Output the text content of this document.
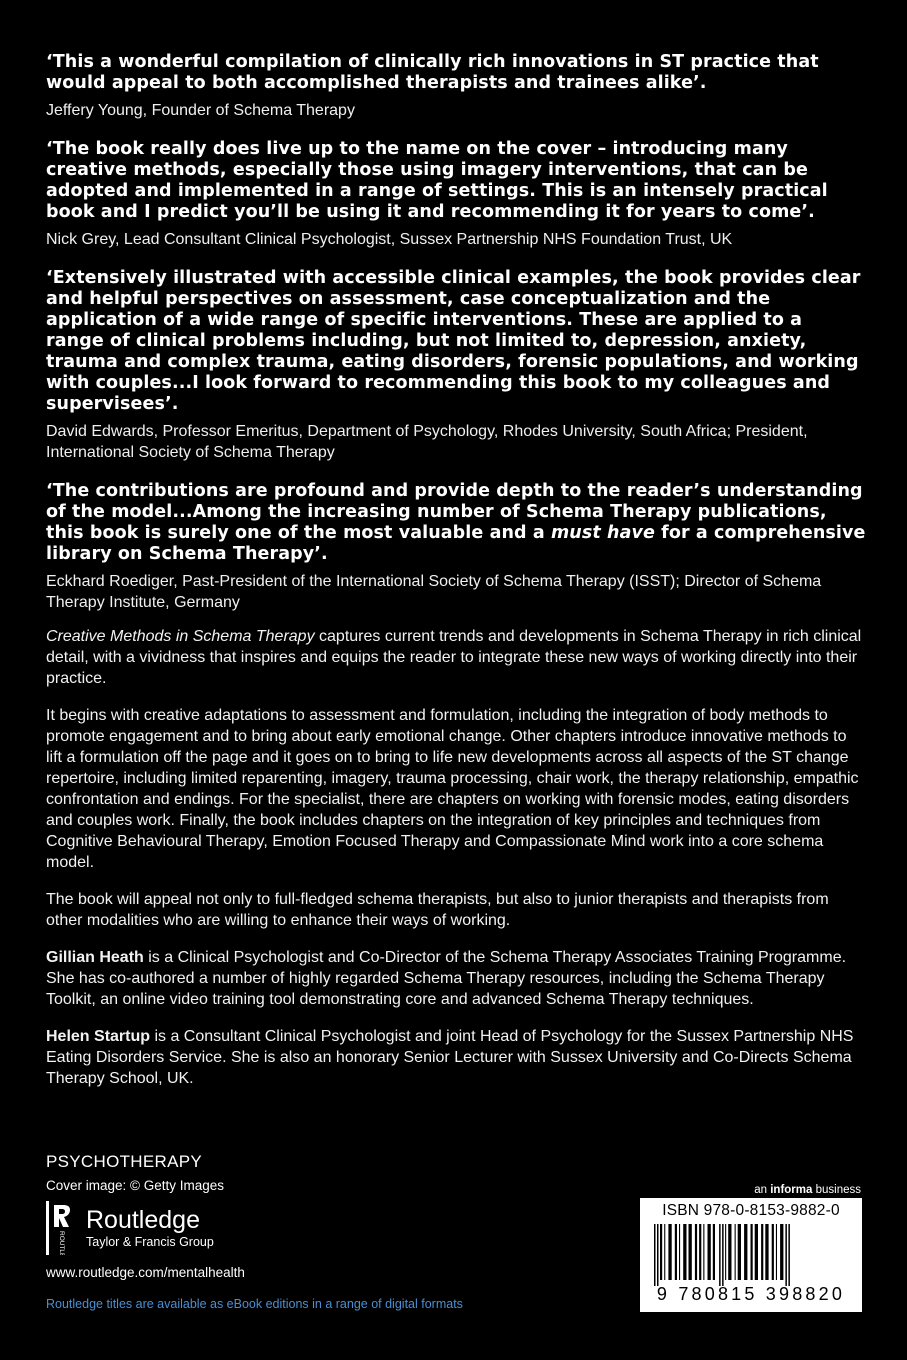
‘This a wonderful compilation of clinically rich innovations in ST practice that would appeal to both accomplished therapists and trainees alike’.
Jeffery Young, Founder of Schema Therapy
‘The book really does live up to the name on the cover – introducing many creative methods, especially those using imagery interventions, that can be adopted and implemented in a range of settings. This is an intensely practical book and I predict you’ll be using it and recommending it for years to come’.
Nick Grey, Lead Consultant Clinical Psychologist, Sussex Partnership NHS Foundation Trust, UK
‘Extensively illustrated with accessible clinical examples, the book provides clear and helpful perspectives on assessment, case conceptualization and the application of a wide range of specific interventions. These are applied to a range of clinical problems including, but not limited to, depression, anxiety, trauma and complex trauma, eating disorders, forensic populations, and working with couples...I look forward to recommending this book to my colleagues and supervisees’.
David Edwards, Professor Emeritus, Department of Psychology, Rhodes University, South Africa; President, International Society of Schema Therapy
‘The contributions are profound and provide depth to the reader’s understanding of the model...Among the increasing number of Schema Therapy publications, this book is surely one of the most valuable and a must have for a comprehensive library on Schema Therapy’.
Eckhard Roediger, Past-President of the International Society of Schema Therapy (ISST); Director of Schema Therapy Institute, Germany

Creative Methods in Schema Therapy captures current trends and developments in Schema Therapy in rich clinical detail, with a vividness that inspires and equips the reader to integrate these new ways of working directly into their practice.

It begins with creative adaptations to assessment and formulation, including the integration of body methods to promote engagement and to bring about early emotional change. Other chapters introduce innovative methods to lift a formulation off the page and it goes on to bring to life new developments across all aspects of the ST change repertoire, including limited reparenting, imagery, trauma processing, chair work, the therapy relationship, empathic confrontation and endings. For the specialist, there are chapters on working with forensic modes, eating disorders and couples work. Finally, the book includes chapters on the integration of key principles and techniques from Cognitive Behavioural Therapy, Emotion Focused Therapy and Compassionate Mind work into a core schema model.

The book will appeal not only to full-fledged schema therapists, but also to junior therapists and therapists from other modalities who are willing to enhance their ways of working.

Gillian Heath is a Clinical Psychologist and Co-Director of the Schema Therapy Associates Training Programme. She has co-authored a number of highly regarded Schema Therapy resources, including the Schema Therapy Toolkit, an online video training tool demonstrating core and advanced Schema Therapy techniques.

Helen Startup is a Consultant Clinical Psychologist and joint Head of Psychology for the Sussex Partnership NHS Eating Disorders Service. She is also an honorary Senior Lecturer with Sussex University and Co-Directs Schema Therapy School, UK.

PSYCHOTHERAPY
Cover image: © Getty Images
ROUTLEDGE
Routledge
Taylor & Francis Group
www.routledge.com/mentalhealth
Routledge titles are available as eBook editions in a range of digital formats
an informa business
ISBN 978-0-8153-9882-0
9 780815 398820
